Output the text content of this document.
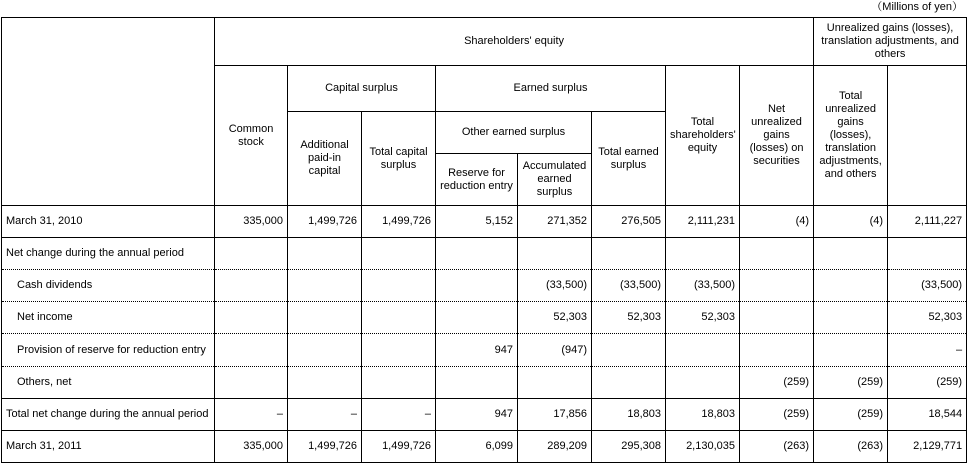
（Millions of yen）
	Shareholders' equity								Unrealized gains (losses), translation adjustments, and others	
	Common stock	Capital surplus		Earned surplus			Total shareholders' equity	Net unrealized gains (losses) on securities	Total unrealized gains (losses), translation adjustments, and others		
		Additional paid-in capital	Total capital surplus	Other earned surplus		Total earned surplus					
				Reserve for reduction entry	Accumulated earned surplus						

March 31, 2010	335,000	1,499,726	1,499,726	5,152	271,352	276,505	2,111,231	(4)	(4)	2,111,227	
Net change during the annual period											
Cash dividends					(33,500)	(33,500)	(33,500)			(33,500)	
Net income					52,303	52,303	52,303			52,303	
Provision of reserve for reduction entry				947	(947)					–	
Others, net								(259)	(259)	(259)	
Total net change during the annual period	–	–	–	947	17,856	18,803	18,803	(259)	(259)	18,544	
March 31, 2011	335,000	1,499,726	1,499,726	6,099	289,209	295,308	2,130,035	(263)	(263)	2,129,771	
